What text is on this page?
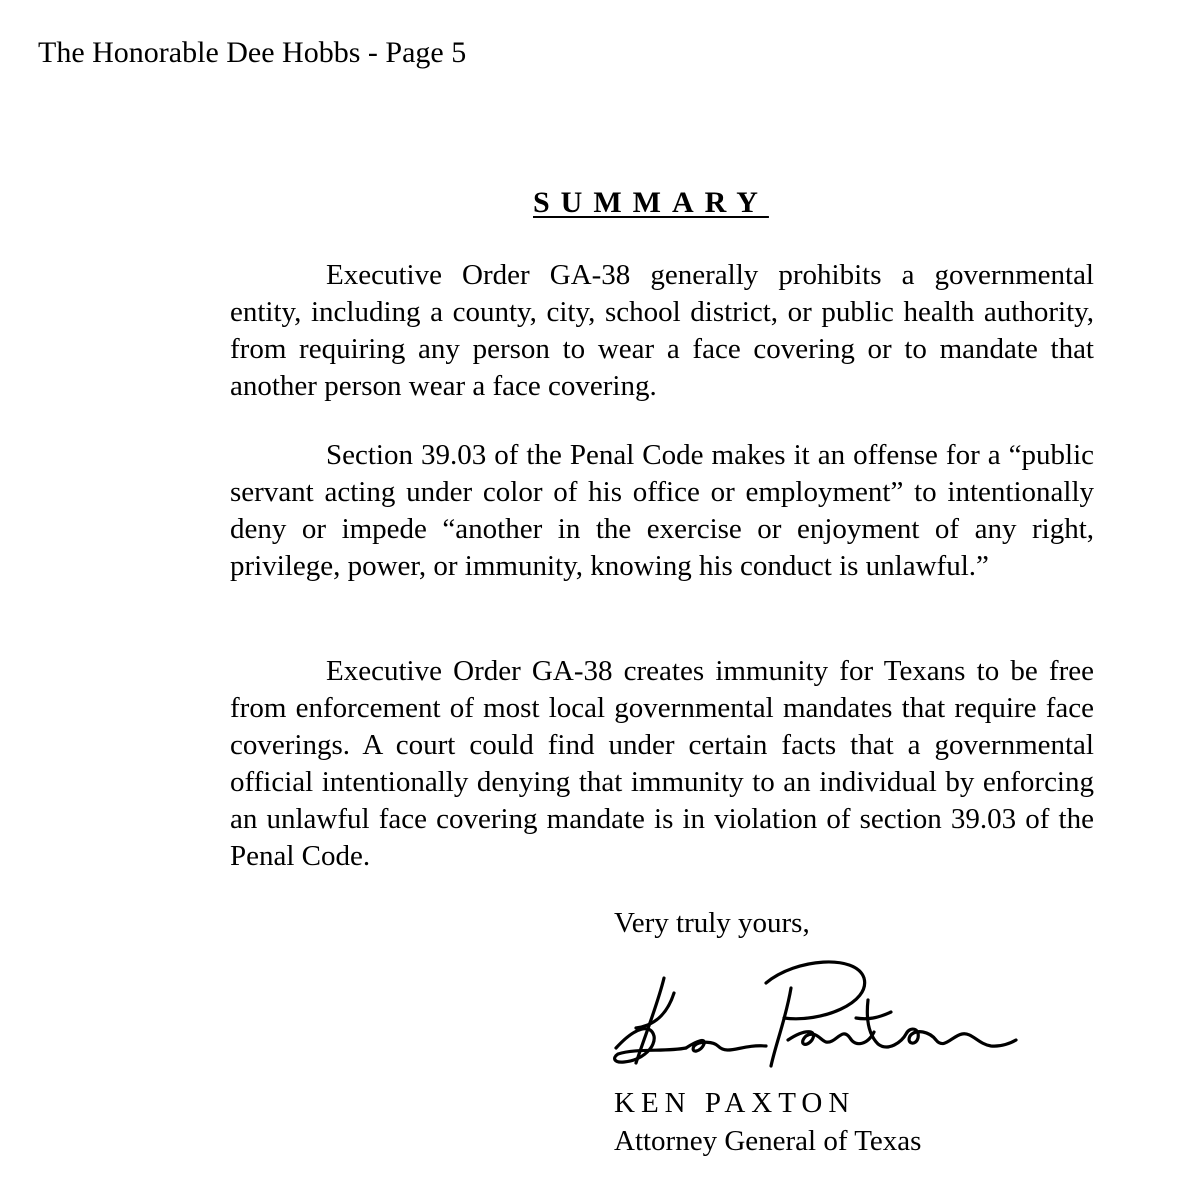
The Honorable Dee Hobbs - Page 5
SUMMARY

Executive Order GA-38 generally prohibits a governmental entity, including a county, city, school district, or public health authority, from requiring any person to wear a face covering or to mandate that another person wear a face covering.

Section 39.03 of the Penal Code makes it an offense for a “public servant acting under color of his office or employment” to intentionally deny or impede “another in the exercise or enjoyment of any right, privilege, power, or immunity, knowing his conduct is unlawful.”

Executive Order GA-38 creates immunity for Texans to be free from enforcement of most local governmental mandates that require face coverings. A court could find under certain facts that a governmental official intentionally denying that immunity to an individual by enforcing an unlawful face covering mandate is in violation of section 39.03 of the Penal Code.

Very truly yours,
KEN PAXTON
Attorney General of Texas
